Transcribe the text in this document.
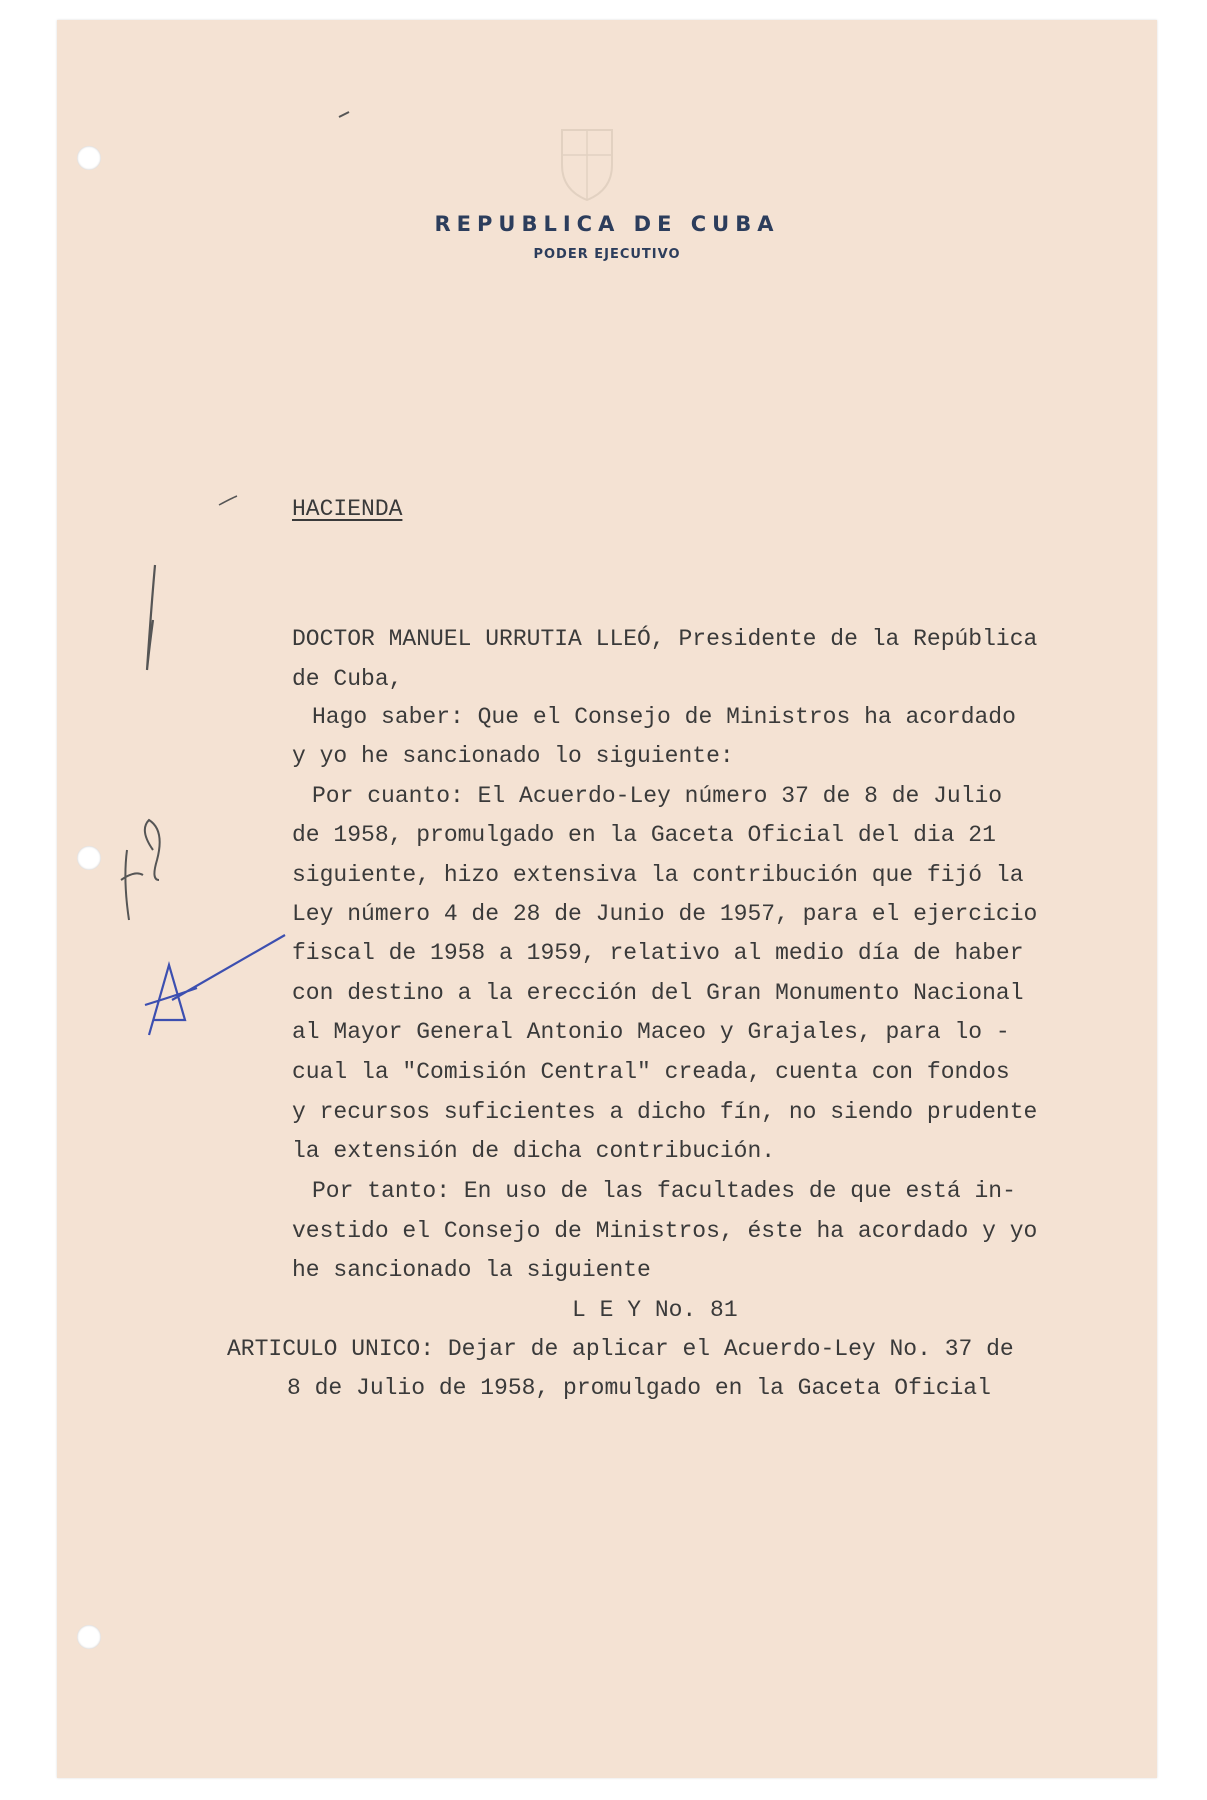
REPUBLICA DE CUBA
PODER EJECUTIVO
HACIENDA
DOCTOR MANUEL URRUTIA LLEÓ, Presidente de la República
de Cuba,
Hago saber: Que el Consejo de Ministros ha acordado
y yo he sancionado lo siguiente:
Por cuanto: El Acuerdo-Ley número 37 de 8 de Julio
de 1958, promulgado en la Gaceta Oficial del dia 21
siguiente, hizo extensiva la contribución que fijó la
Ley número 4 de 28 de Junio de 1957, para el ejercicio
fiscal de 1958 a 1959, relativo al medio día de haber
con destino a la erección del Gran Monumento Nacional
al Mayor General Antonio Maceo y Grajales, para lo -
cual la "Comisión Central" creada, cuenta con fondos
y recursos suficientes a dicho fín, no siendo prudente
la extensión de dicha contribución.
Por tanto: En uso de las facultades de que está in-
vestido el Consejo de Ministros, éste ha acordado y yo
he sancionado la siguiente
L E Y No. 81
ARTICULO UNICO: Dejar de aplicar el Acuerdo-Ley No. 37 de
8 de Julio de 1958, promulgado en la Gaceta Oficial
